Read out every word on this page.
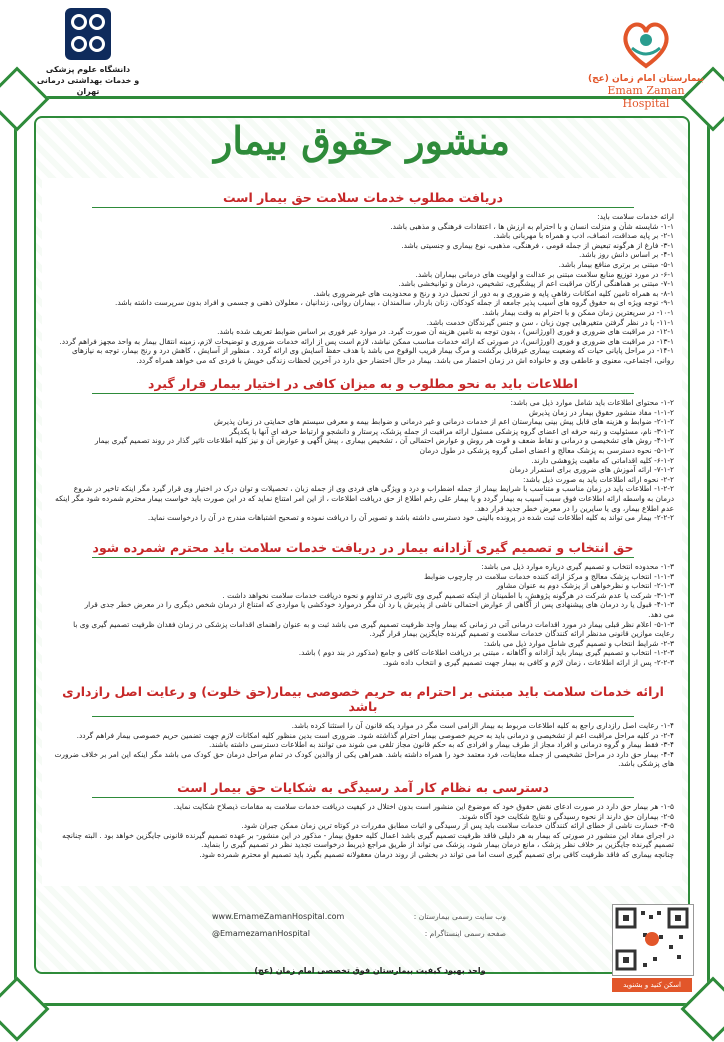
دانشگاه علوم پزشکی
و خدمات بهداشتی درمانی تهران
بیمارستان امام زمان (عج)
Emam Zaman Hospital
منشور حقوق بیمار
دریافت مطلوب خدمات سلامت حق بیمار است
ارائه خدمات سلامت باید:
۱-۱- شایسته شأن و منزلت انسان و با احترام به ارزش ها ، اعتقادات فرهنگی و مذهبی باشد.
۲-۱- بر پایه صداقت، انصاف، ادب و همراه با مهربانی باشد.
۳-۱- فارغ از هرگونه تبعیض از جمله قومی ، فرهنگی، مذهبی، نوع بیماری و جنسیتی باشد.
۴-۱- بر اساس دانش روز باشد.
۵-۱- مبتنی بر برتری منافع بیمار باشد.
۶-۱- در مورد توزیع منابع سلامت مبتنی بر عدالت و اولویت های درمانی بیماران باشد.
۷-۱- مبتنی بر هماهنگی ارکان مراقبت اعم از پیشگیری، تشخیص، درمان و توانبخشی باشد.
۸-۱- به همراه تامین کلیه امکانات رفاهی پایه و ضروری و به دور از تحمیل درد و رنج و محدودیت های غیرضروری باشد.
۹-۱- توجه ویژه ای به حقوق گروه های آسیب پذیر جامعه از جمله کودکان، زنان باردار، سالمندان ، بیماران روانی، زندانیان ، معلولان ذهنی و جسمی و افراد بدون سرپرست داشته باشد.
۱۰-۱- در سریعترین زمان ممکن و با احترام به وقت بیمار باشد.
۱۱-۱- با در نظر گرفتن متغیرهایی چون زبان ، سن و جنس گیرندگان خدمت باشد.
۱۲-۱- در مراقبت های ضروری و فوری (اورژانس) ، بدون توجه به تامین هزینه آن صورت گیرد. در موارد غیر فوری بر اساس ضوابط تعریف شده باشد.
۱۳-۱- در مراقبت های ضروری و فوری (اورژانس)، در صورتی که ارائه خدمات مناسب ممکن نباشد، لازم است پس از ارائه خدمات ضروری و توضیحات لازم، زمینه انتقال بیمار به واحد مجهز فراهم گردد.
۱۴-۱- در مراحل پایانی حیات که وضعیت بیماری غیرقابل برگشت و مرگ بیمار قریب الوقوع می باشد با هدف حفظ آسایش وی ارائه گردد . منظور از آسایش ، کاهش درد و رنج بیمار، توجه به نیازهای
روانی، اجتماعی، معنوی و عاطفی وی و خانواده اش در زمان احتضار می باشد. بیمار در حال احتضار حق دارد در آخرین لحظات زندگی خویش با فردی که می خواهد همراه گردد.
اطلاعات باید به نحو مطلوب و به میزان کافی در اختیار بیمار قرار گیرد
۱-۲- محتوای اطلاعات باید شامل موارد ذیل می باشد:
۱-۱-۲- مفاد منشور حقوق بیمار در زمان پذیرش
۲-۱-۲- ضوابط و هزینه های قابل پیش بینی بیمارستان اعم از خدمات درمانی و غیر درمانی و ضوابط بیمه و معرفی سیستم های حمایتی در زمان پذیرش
۳-۱-۲- نام، مسئولیت و رتبه حرفه ای اعضای گروه پزشکی مسئول ارائه مراقبت از جمله پزشک، پرستار و دانشجو و ارتباط حرفه ای آنها با یکدیگر
۴-۱-۲- روش های تشخیصی و درمانی و نقاط ضعف و قوت هر روش و عوارض احتمالی آن ، تشخیص بیماری ، پیش آگهی و عوارض آن و نیز کلیه اطلاعات تاثیر گذار در روند تصمیم گیری بیمار
۵-۱-۲- نحوه دسترسی به پزشک معالج و اعضای اصلی گروه پزشکی در طول درمان
۶-۱-۲- کلیه اقداماتی که ماهیت پژوهشی دارند.
۷-۱-۲- ارائه آموزش های ضروری برای استمرار درمان
۲-۲- نحوه ارائه اطلاعات باید به صورت ذیل باشد:
۱-۲-۲- اطلاعات باید در زمان مناسب و متناسب با شرایط بیمار از جمله اضطراب و درد و ویژگی های فردی وی از جمله زبان ، تحصیلات و توان درک در اختیار وی قرار گیرد مگر اینکه تاخیر در شروع
درمان به واسطه ارائه اطلاعات فوق سبب آسیب به بیمار گردد و یا بیمار علی رغم اطلاع از حق دریافت اطلاعات ، از این امر امتناع نماید که در این صورت باید خواست بیمار محترم شمرده شود مگر اینکه
عدم اطلاع بیمار، وی یا سایرین را در معرض خطر جدید قرار دهد.
۲-۲-۲- بیمار می تواند به کلیه اطلاعات ثبت شده در پرونده بالینی خود دسترسی داشته باشد و تصویر آن را دریافت نموده و تصحیح اشتباهات مندرج در آن را درخواست نماید.
حق انتخاب و تصمیم گیری آزادانه بیمار در دریافت خدمات سلامت باید محترم شمرده شود
۱-۳- محدوده انتخاب و تصمیم گیری درباره موارد ذیل می باشد:
۱-۱-۳- انتخاب پزشک معالج و مرکز ارائه کننده خدمات سلامت در چارچوب ضوابط
۲-۱-۳- انتخاب و نظرخواهی از پزشک دوم به عنوان مشاور
۳-۱-۳- شرکت یا عدم شرکت در هرگونه پژوهش، با اطمینان از اینکه تصمیم گیری وی تاثیری در تداوم و نحوه دریافت خدمات سلامت نخواهد داشت .
۴-۱-۳- قبول یا رد درمان های پیشنهادی پس از آگاهی از عوارض احتمالی ناشی از پذیرش یا رد آن مگر درموارد خودکشی یا مواردی که امتناع از درمان شخص دیگری را در معرض خطر جدی قرار
می دهد.
۵-۱-۳- اعلام نظر قبلی بیمار در مورد اقدامات درمانی آتی در زمانی که بیمار واجد ظرفیت تصمیم گیری می باشد ثبت و به عنوان راهنمای اقدامات پزشکی در زمان فقدان ظرفیت تصمیم گیری وی با
رعایت موازین قانونی مدنظر ارائه کنندگان خدمات سلامت و تصمیم گیرنده جایگزین بیمار قرار گیرد.
۲-۳- شرایط انتخاب و تصمیم گیری شامل موارد ذیل می باشد:
۱-۲-۳- انتخاب و تصمیم گیری بیمار باید آزادانه و آگاهانه ، مبتنی بر دریافت اطلاعات کافی و جامع (مذکور در بند دوم ) باشد.
۲-۲-۳- پس از ارائه اطلاعات ، زمان لازم و کافی به بیمار جهت تصمیم گیری و انتخاب داده شود.
ارائه خدمات سلامت باید مبتنی بر احترام به حریم خصوصی بیمار(حق خلوت) و رعایت اصل رازداری باشد
۱-۴- رعایت اصل رازداری راجع به کلیه اطلاعات مربوط به بیمار الزامی است مگر در موارد یکه قانون آن را استثنا کرده باشد.
۲-۴- در کلیه مراحل مراقبت اعم از تشخیصی و درمانی باید به حریم خصوصی بیمار احترام گذاشته شود. ضروری است بدین منظور کلیه امکانات لازم جهت تضمین حریم خصوصی بیمار فراهم گردد.
۳-۴- فقط بیمار و گروه درمانی و افراد مجاز از طرف بیمار و افرادی که به حکم قانون مجاز تلقی می شوند می توانند به اطلاعات دسترسی داشته باشند.
۴-۴- بیمار حق دارد در مراحل تشخیصی از جمله معاینات، فرد معتمد خود را همراه داشته باشد. همراهی یکی از والدین کودک در تمام مراحل درمان حق کودک می باشد مگر اینکه این امر بر خلاف ضرورت
های پزشکی باشد.
دسترسی به نظام کار آمد رسیدگی به شکایات حق بیمار است
۱-۵- هر بیمار حق دارد در صورت ادعای نقض حقوق خود که موضوع این منشور است بدون اختلال در کیفیت دریافت خدمات سلامت به مقامات ذیصلاح شکایت نماید.
۲-۵- بیماران حق دارند از نحوه رسیدگی و نتایج شکایت خود آگاه شوند.
۳-۵- خسارت ناشی از خطای ارائه کنندگان خدمات سلامت باید پس از رسیدگی و اثبات مطابق مقررات در کوتاه ترین زمان ممکن جبران شود.
در اجرای مفاد این منشور در صورتی که بیمار به هر دلیلی فاقد ظرفیت تصمیم گیری باشد اعمال کلیه حقوق بیمار - مذکور در این منشور- بر عهده تصمیم گیرنده قانونی جایگزین خواهد بود . البته چنانچه
تصمیم گیرنده جایگزین بر خلاف نظر پزشک ، مانع درمان بیمار شود، پزشک می تواند از طریق مراجع ذیربط درخواست تجدید نظر در تصمیم گیری را بنماید.
چنانچه بیماری که فاقد ظرفیت کافی برای تصمیم گیری است اما می تواند در بخشی از روند درمان معقولانه تصمیم بگیرد باید تصمیم او محترم شمرده شود.
وب سایت رسمی بیمارستان :
صفحه رسمی اینستاگرام :
www.EmameZamanHospital.com
@EmamezamanHospital
واحد بهبود کیفیت بیمارستان فوق تخصصی امام زمان (عج)
اسکن کنید و بشنوید
